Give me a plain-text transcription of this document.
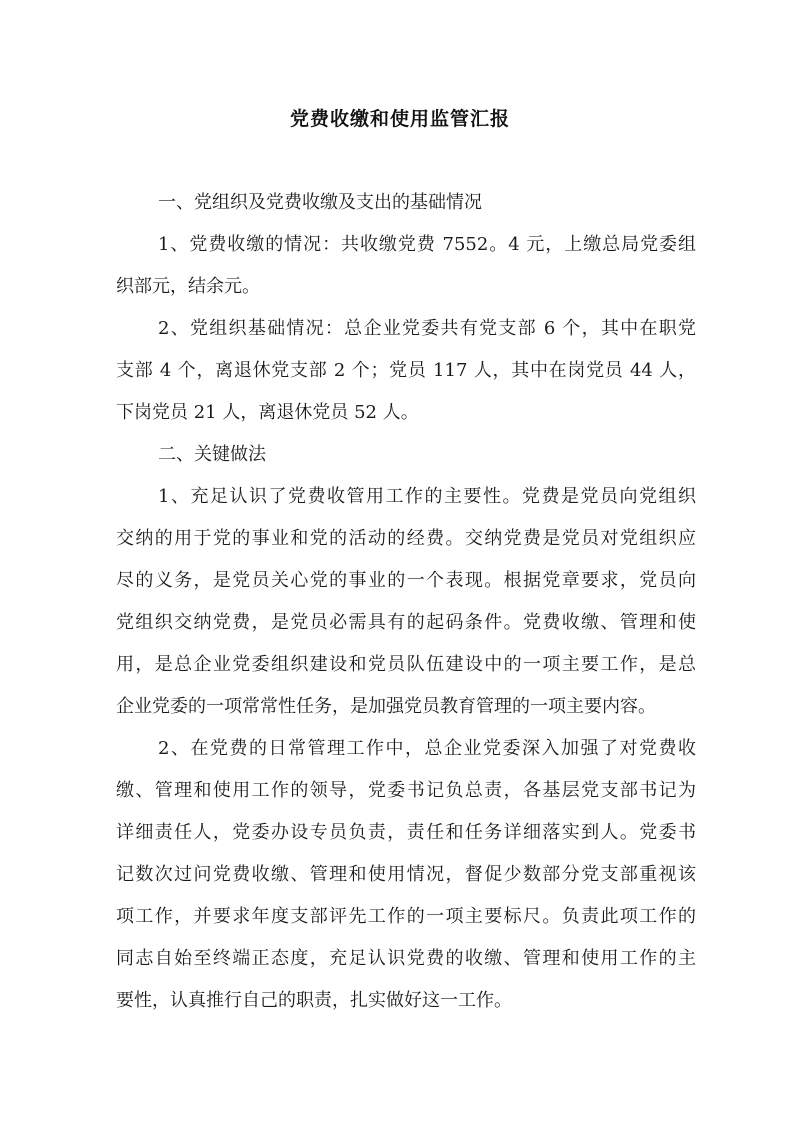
党费收缴和使用监管汇报
一、党组织及党费收缴及支出的基础情况
1、党费收缴的情况：共收缴党费 7552。4 元，上缴总局党委组
织部元，结余元。
2、党组织基础情况：总企业党委共有党支部 6 个，其中在职党
支部 4 个，离退休党支部 2 个；党员 117 人，其中在岗党员 44 人，
下岗党员 21 人，离退休党员 52 人。
二、关键做法
1、充足认识了党费收管用工作的主要性。党费是党员向党组织
交纳的用于党的事业和党的活动的经费。交纳党费是党员对党组织应
尽的义务，是党员关心党的事业的一个表现。根据党章要求，党员向
党组织交纳党费，是党员必需具有的起码条件。党费收缴、管理和使
用，是总企业党委组织建设和党员队伍建设中的一项主要工作，是总
企业党委的一项常常性任务，是加强党员教育管理的一项主要内容。
2、在党费的日常管理工作中，总企业党委深入加强了对党费收
缴、管理和使用工作的领导，党委书记负总责，各基层党支部书记为
详细责任人，党委办设专员负责，责任和任务详细落实到人。党委书
记数次过问党费收缴、管理和使用情况，督促少数部分党支部重视该
项工作，并要求年度支部评先工作的一项主要标尺。负责此项工作的
同志自始至终端正态度，充足认识党费的收缴、管理和使用工作的主
要性，认真推行自己的职责，扎实做好这一工作。
